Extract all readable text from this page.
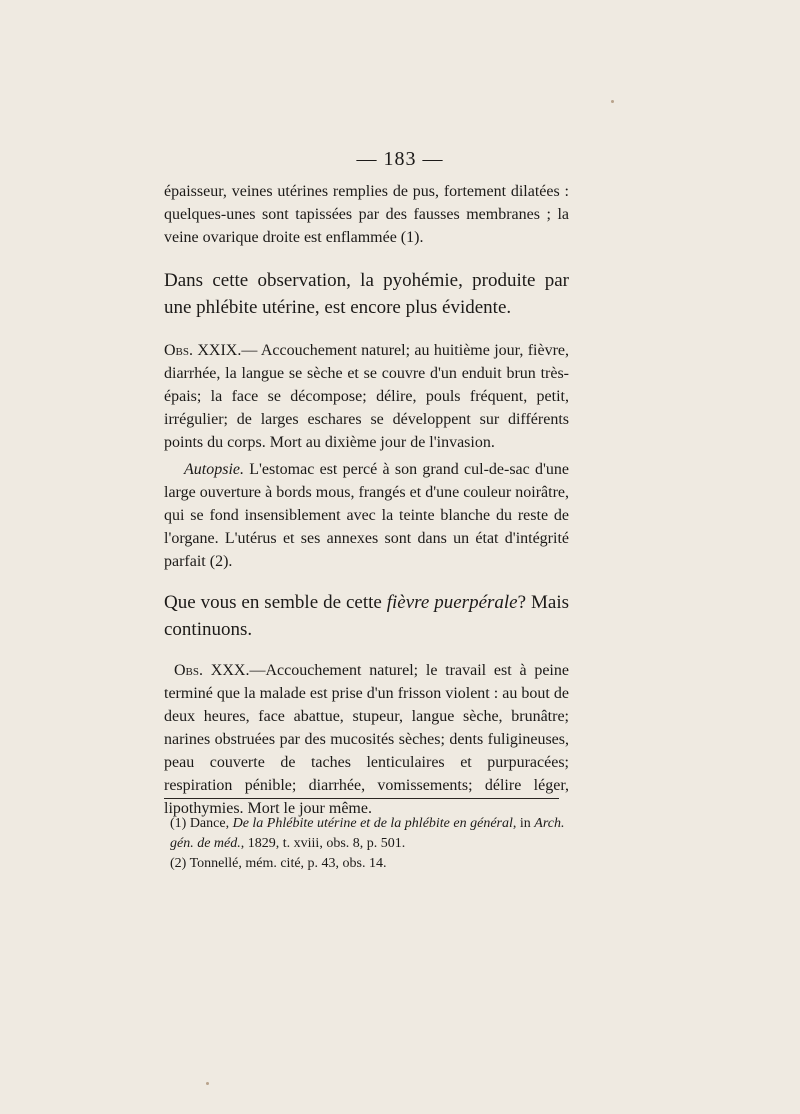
— 183 —

épaisseur, veines utérines remplies de pus, fortement dilatées : quelques-unes sont tapissées par des fausses membranes ; la veine ovarique droite est enflammée (1).

Dans cette observation, la pyohémie, produite par une phlébite utérine, est encore plus évidente.

Obs. XXIX.— Accouchement naturel; au huitième jour, fièvre, diarrhée, la langue se sèche et se couvre d'un enduit brun très-épais; la face se décompose; délire, pouls fréquent, petit, irrégulier; de larges eschares se développent sur différents points du corps. Mort au dixième jour de l'invasion.

Autopsie. L'estomac est percé à son grand cul-de-sac d'une large ouverture à bords mous, frangés et d'une couleur noirâtre, qui se fond insensiblement avec la teinte blanche du reste de l'organe. L'utérus et ses annexes sont dans un état d'intégrité parfait (2).

Que vous en semble de cette fièvre puerpérale? Mais continuons.

Obs. XXX.—Accouchement naturel; le travail est à peine terminé que la malade est prise d'un frisson violent : au bout de deux heures, face abattue, stupeur, langue sèche, brunâtre; narines obstruées par des mucosités sèches; dents fuligineuses, peau couverte de taches lenticulaires et purpuracées; respiration pénible; diarrhée, vomissements; délire léger, lipothymies. Mort le jour même.

(1) Dance, De la Phlébite utérine et de la phlébite en général, in Arch. gén. de méd., 1829, t. xviii, obs. 8, p. 501.

(2) Tonnellé, mém. cité, p. 43, obs. 14.
